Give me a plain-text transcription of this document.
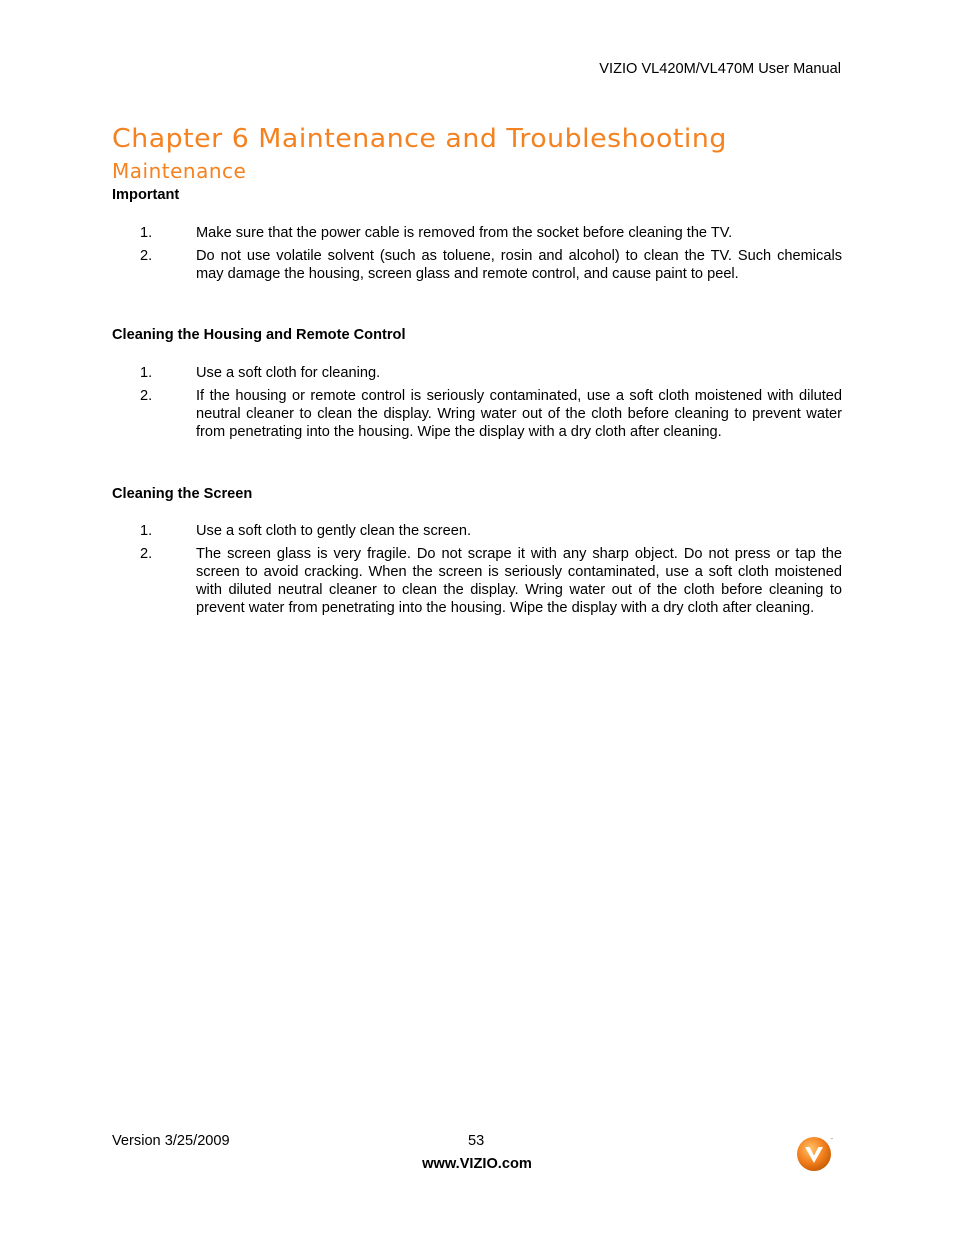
VIZIO VL420M/VL470M User Manual
Chapter 6 Maintenance and Troubleshooting
Maintenance
Important
1.	Make sure that the power cable is removed from the socket before cleaning the TV.
2.	Do not use volatile solvent (such as toluene, rosin and alcohol) to clean the TV. Such chemicals may damage the housing, screen glass and remote control, and cause paint to peel.
Cleaning the Housing and Remote Control
1.	Use a soft cloth for cleaning.
2.	If the housing or remote control is seriously contaminated, use a soft cloth moistened with diluted neutral cleaner to clean the display. Wring water out of the cloth before cleaning to prevent water from penetrating into the housing. Wipe the display with a dry cloth after cleaning.
Cleaning the Screen
1.	Use a soft cloth to gently clean the screen.
2.	The screen glass is very fragile. Do not scrape it with any sharp object. Do not press or tap the screen to avoid cracking. When the screen is seriously contaminated, use a soft cloth moistened with diluted neutral cleaner to clean the display. Wring water out of the cloth before cleaning to prevent water from penetrating into the housing. Wipe the display with a dry cloth after cleaning.
Version 3/25/2009	53
www.VIZIO.com
™
